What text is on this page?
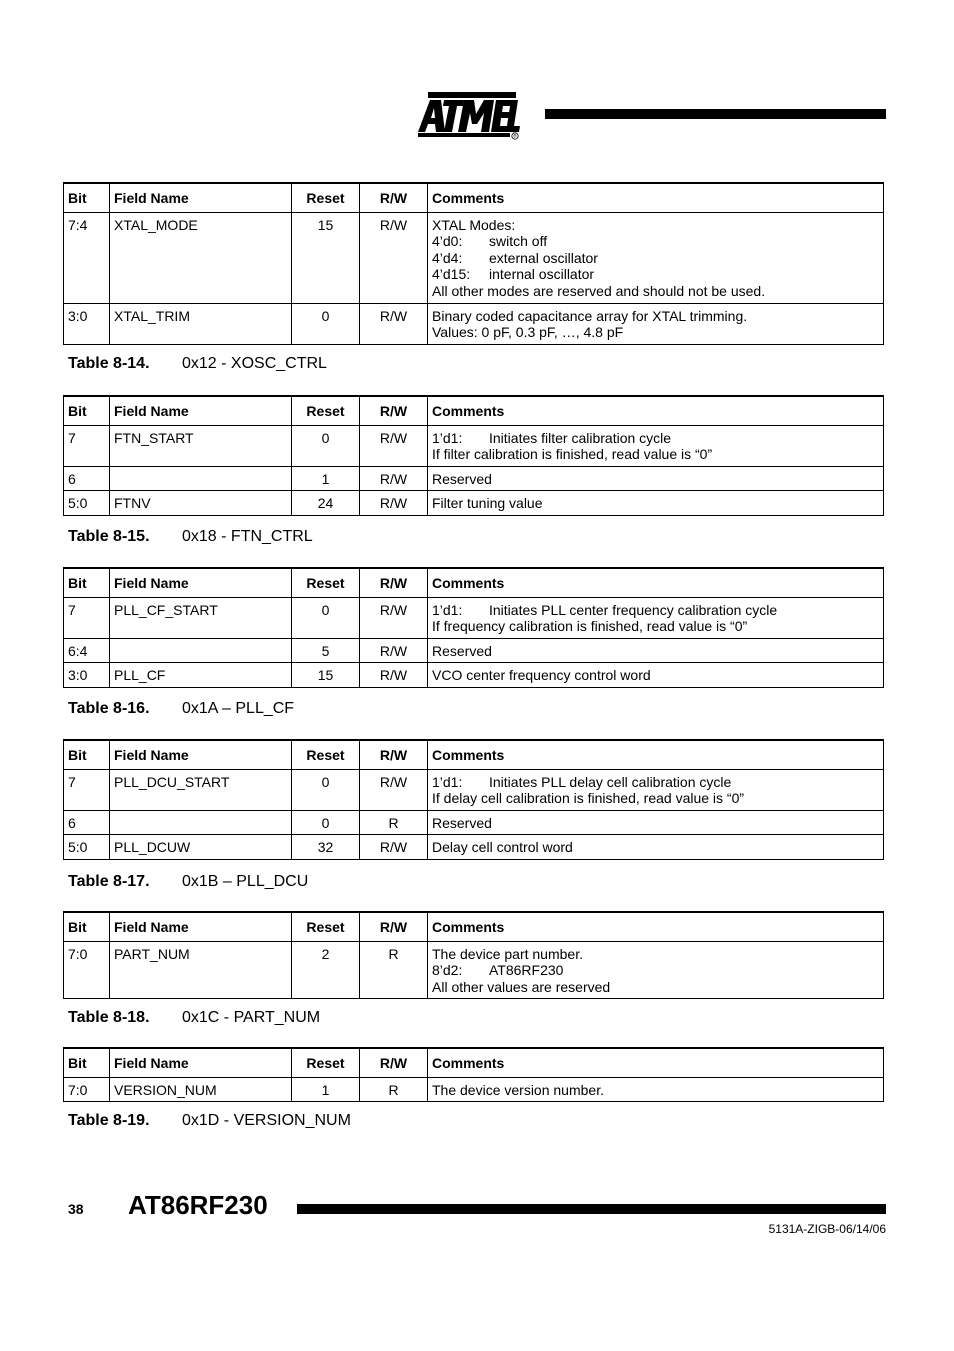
®
Bit	Field Name	Reset	R/W	Comments
7:4	XTAL_MODE	15	R/W	XTAL Modes:
4’d0: switch off
4’d4: external oscillator
4’d15: internal oscillator
All other modes are reserved and should not be used.

3:0	XTAL_TRIM	0	R/W	Binary coded capacitance array for XTAL trimming.
Values: 0 pF, 0.3 pF, …, 4.8 pF
Table 8-14. 0x12 - XOSC_CTRL
Bit	Field Name	Reset	R/W	Comments
7	FTN_START	0	R/W	1’d1: Initiates filter calibration cycle
If filter calibration is finished, read value is “0”

6		1	R/W	Reserved

5:0	FTNV	24	R/W	Filter tuning value
Table 8-15. 0x18 - FTN_CTRL
Bit	Field Name	Reset	R/W	Comments
7	PLL_CF_START	0	R/W	1’d1: Initiates PLL center frequency calibration cycle
If frequency calibration is finished, read value is “0”

6:4		5	R/W	Reserved

3:0	PLL_CF	15	R/W	VCO center frequency control word
Table 8-16. 0x1A – PLL_CF
Bit	Field Name	Reset	R/W	Comments
7	PLL_DCU_START	0	R/W	1’d1: Initiates PLL delay cell calibration cycle
If delay cell calibration is finished, read value is “0”

6		0	R	Reserved

5:0	PLL_DCUW	32	R/W	Delay cell control word
Table 8-17. 0x1B – PLL_DCU
Bit	Field Name	Reset	R/W	Comments
7:0	PART_NUM	2	R	The device part number.
8’d2: AT86RF230
All other values are reserved
Table 8-18. 0x1C - PART_NUM
Bit	Field Name	Reset	R/W	Comments
7:0	VERSION_NUM	1	R	The device version number.
Table 8-19. 0x1D - VERSION_NUM
38 AT86RF230
5131A-ZIGB-06/14/06
